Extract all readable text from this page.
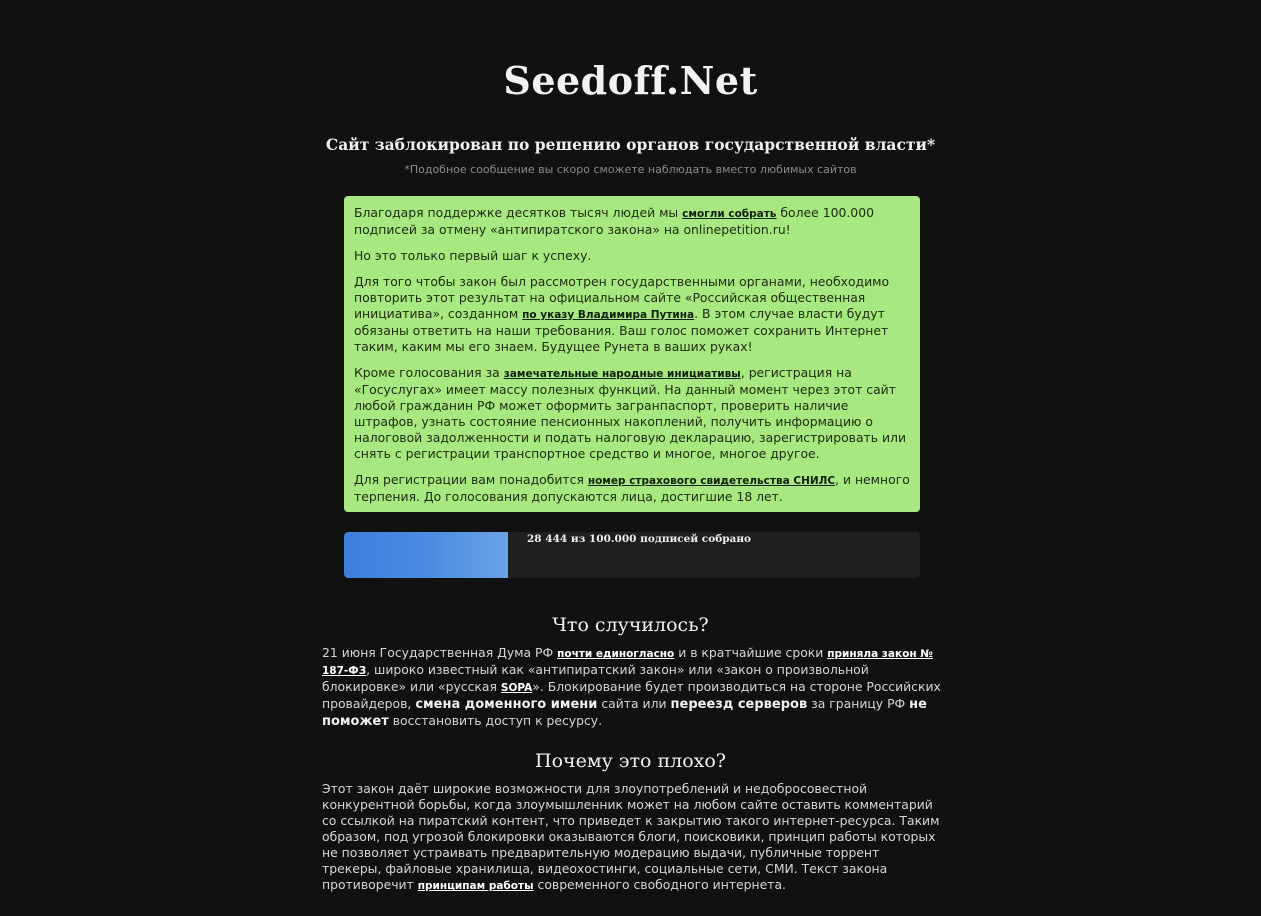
Seedoff.Net
Сайт заблокирован по решению органов государственной власти*
*Подобное сообщение вы скоро сможете наблюдать вместо любимых сайтов

Благодаря поддержке десятков тысяч людей мы смогли собрать более 100.000 подписей за отмену «антипиратского закона» на onlinepetition.ru!

Но это только первый шаг к успеху.

Для того чтобы закон был рассмотрен государственными органами, необходимо повторить этот результат на официальном сайте «Российская общественная инициатива», созданном по указу Владимира Путина. В этом случае власти будут обязаны ответить на наши требования. Ваш голос поможет сохранить Интернет таким, каким мы его знаем. Будущее Рунета в ваших руках!

Кроме голосования за замечательные народные инициативы, регистрация на «Госуслугах» имеет массу полезных функций. На данный момент через этот сайт любой гражданин РФ может оформить загранпаспорт, проверить наличие штрафов, узнать состояние пенсионных накоплений, получить информацию о налоговой задолженности и подать налоговую декларацию, зарегистрировать или снять с регистрации транспортное средство и многое, многое другое.

Для регистрации вам понадобится номер страхового свидетельства СНИЛС, и немного терпения. До голосования допускаются лица, достигшие 18 лет.

28 444 из 100.000 подписей собрано
Что случилось?
21 июня Государственная Дума РФ почти единогласно и в кратчайшие сроки приняла закон № 187-ФЗ, широко известный как «антипиратский закон» или «закон о произвольной блокировке» или «русская SOPA». Блокирование будет производиться на стороне Российских провайдеров, смена доменного имени сайта или переезд серверов за границу РФ не поможет восстановить доступ к ресурсу.
Почему это плохо?
Этот закон даёт широкие возможности для злоупотреблений и недобросовестной конкурентной борьбы, когда злоумышленник может на любом сайте оставить комментарий со ссылкой на пиратский контент, что приведет к закрытию такого интернет-ресурса. Таким образом, под угрозой блокировки оказываются блоги, поисковики, принцип работы которых не позволяет устраивать предварительную модерацию выдачи, публичные торрент трекеры, файловые хранилища, видеохостинги, социальные сети, СМИ. Текст закона противоречит принципам работы современного свободного интернета.
